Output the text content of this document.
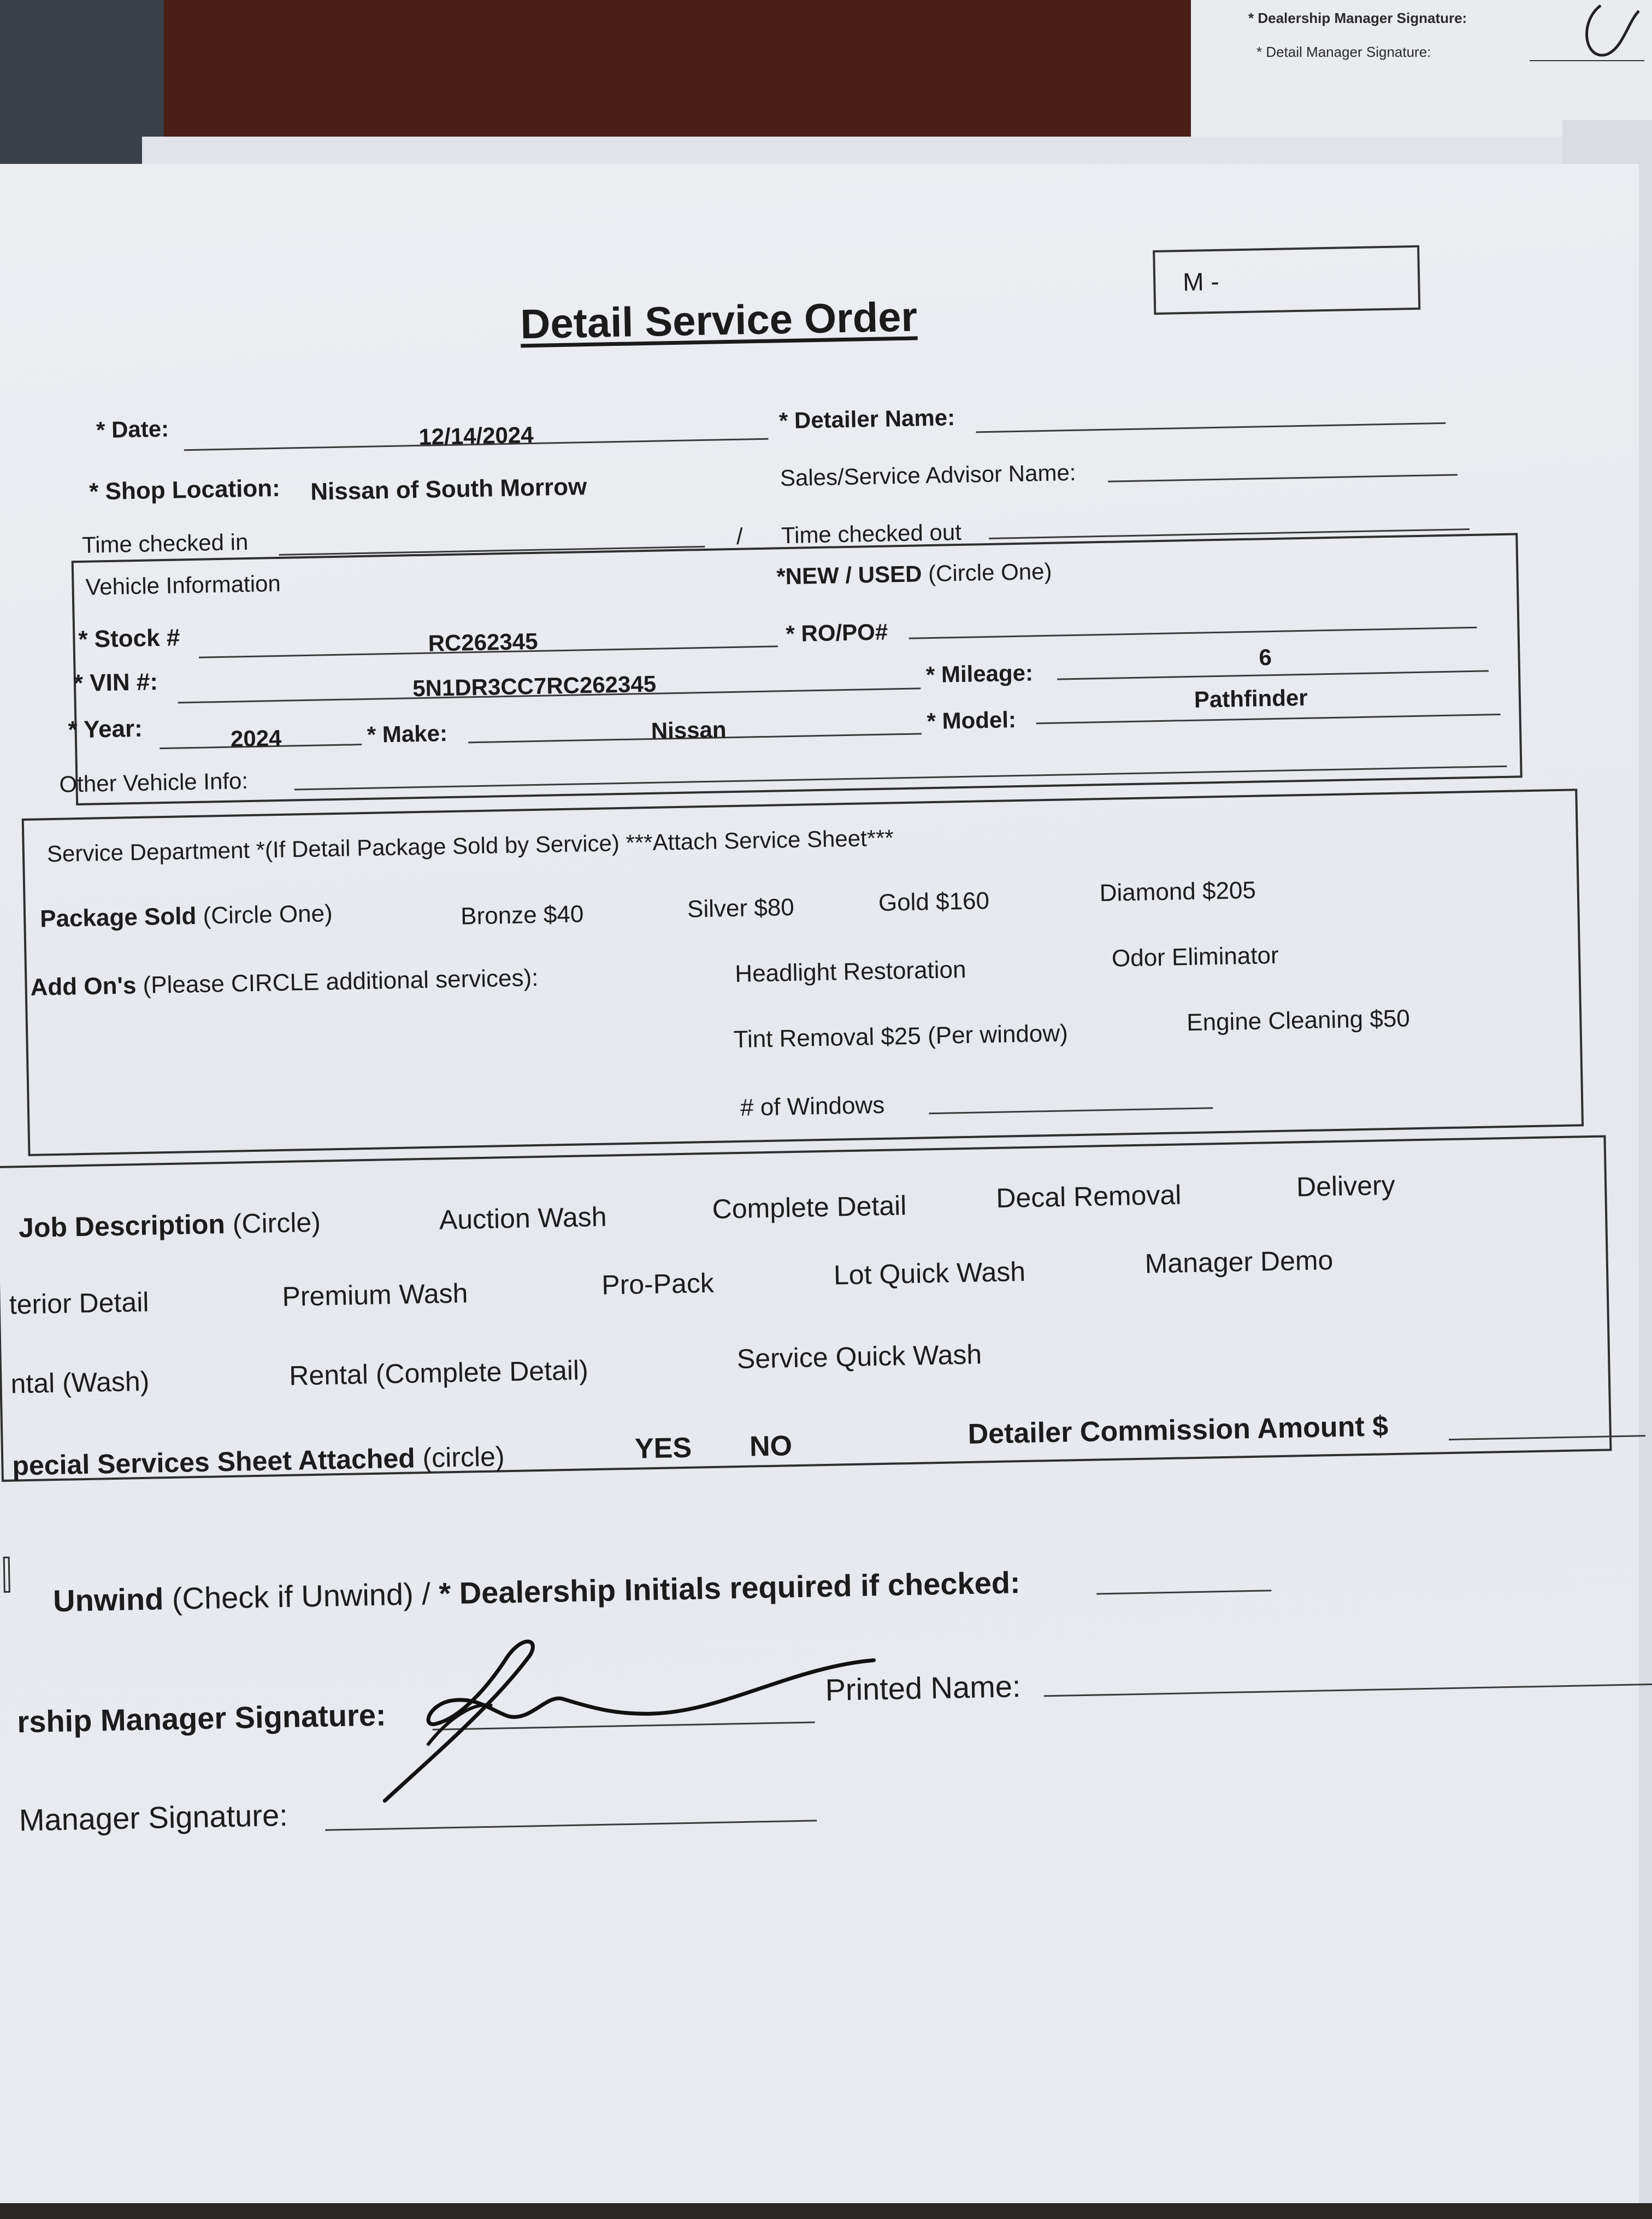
* Dealership Manager Signature:
* Detail Manager Signature:
Detail Service Order
M -
* Date:	12/14/2024
* Detailer Name:
* Shop Location: Nissan of South Morrow	Sales/Service Advisor Name:
Time checked in	/ Time checked out
Vehicle Information	*NEW / USED (Circle One)
* Stock #	RC262345	* RO/PO#
* VIN #:	5N1DR3CC7RC262345	* Mileage:
6
* Year:	2024	* Make:	Nissan	* Model:
Pathfinder
Other Vehicle Info:
Service Department *(If Detail Package Sold by Service) ***Attach Service Sheet***
Package Sold (Circle One)	Bronze $40	Silver $80	Gold $160	Diamond $205
Add On's (Please CIRCLE additional services):	Headlight Restoration	Odor Eliminator
Tint Removal $25 (Per window)	Engine Cleaning $50
# of Windows
Job Description (Circle)	Auction Wash	Complete Detail	Decal Removal	Delivery
terior Detail	Premium Wash	Pro-Pack	Lot Quick Wash	Manager Demo
ntal (Wash)	Rental (Complete Detail)	Service Quick Wash
pecial Services Sheet Attached (circle)	YES NO	Detailer Commission Amount $
Unwind (Check if Unwind) / * Dealership Initials required if checked:
rship Manager Signature:
Printed Name:
Manager Signature:
